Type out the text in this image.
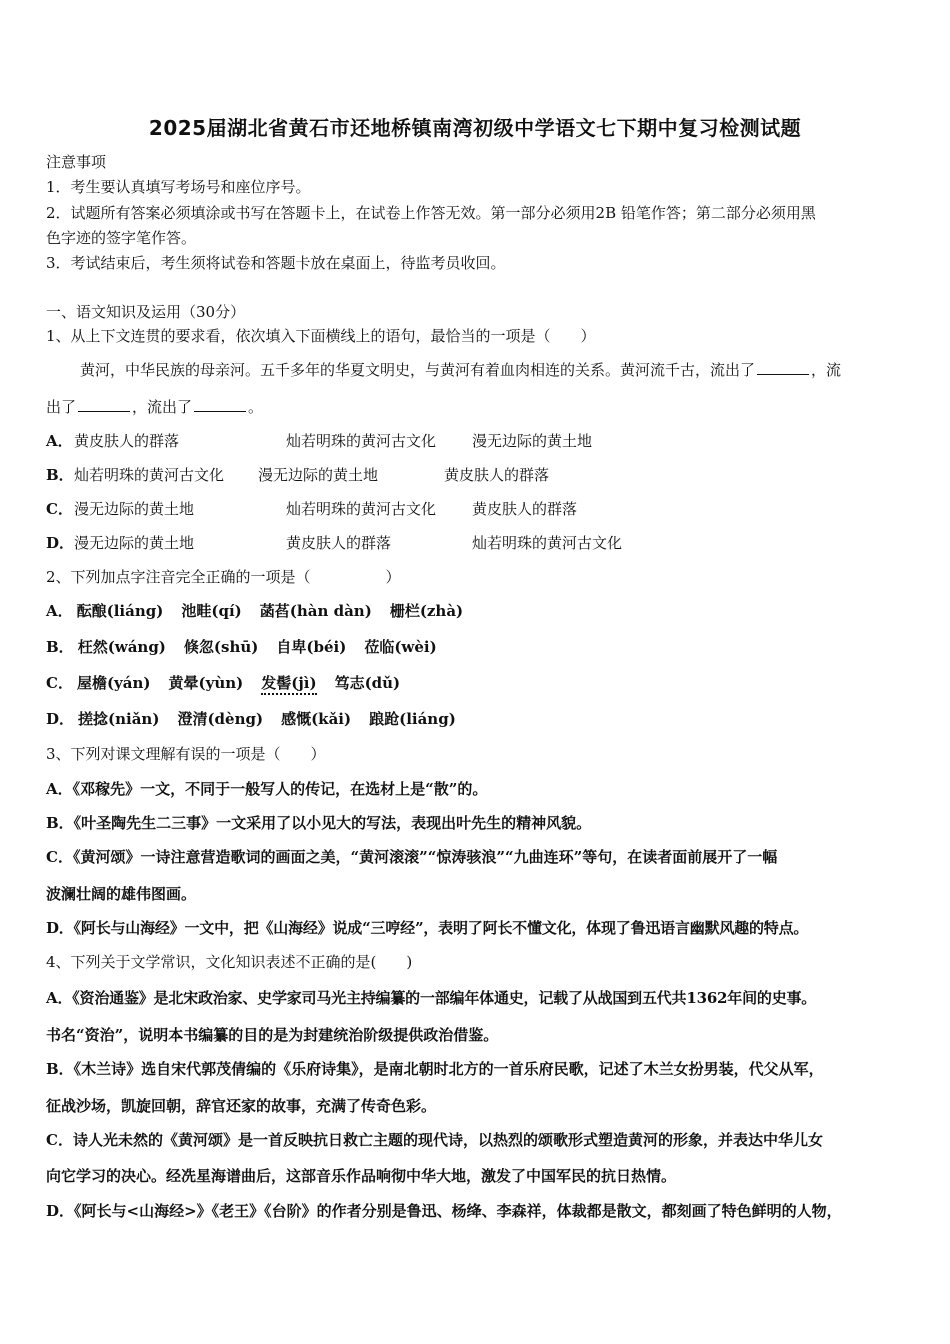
2025届湖北省黄石市还地桥镇南湾初级中学语文七下期中复习检测试题
注意事项
1．考生要认真填写考场号和座位序号。
2．试题所有答案必须填涂或书写在答题卡上，在试卷上作答无效。第一部分必须用2B 铅笔作答；第二部分必须用黑
色字迹的签字笔作答。
3．考试结束后，考生须将试卷和答题卡放在桌面上，待监考员收回。
一、语文知识及运用（30分）
1、从上下文连贯的要求看，依次填入下面横线上的语句，最恰当的一项是（　　）
黄河，中华民族的母亲河。五千多年的华夏文明史，与黄河有着血肉相连的关系。黄河流千古，流出了	，流
出了	，流出了	。
A． 黄皮肤人的群落	灿若明珠的黄河古文化	漫无边际的黄土地
B． 灿若明珠的黄河古文化	漫无边际的黄土地	黄皮肤人的群落
C． 漫无边际的黄土地	灿若明珠的黄河古文化	黄皮肤人的群落
D． 漫无边际的黄土地	黄皮肤人的群落	灿若明珠的黄河古文化
2、下列加点字注音完全正确的一项是（　　　　　）
A． 酝酿(liáng) 池畦(qí) 菡萏(hàn dàn) 栅栏(zhà)
B． 枉然(wáng) 倏忽(shū) 自卑(béi) 莅临(wèi)
C． 屋檐(yán) 黄晕(yùn) 发髻(jì) 笃志(dǔ)
D． 搓捻(niǎn) 澄清(dèng) 感慨(kǎi) 踉跄(liáng)
3、下列对课文理解有误的一项是（　　）
A．《邓稼先》一文，不同于一般写人的传记，在选材上是“散”的。
B．《叶圣陶先生二三事》一文采用了以小见大的写法，表现出叶先生的精神风貌。
C．《黄河颂》一诗注意营造歌词的画面之美，“黄河滚滚”“惊涛骇浪”“九曲连环”等句，在读者面前展开了一幅
波澜壮阔的雄伟图画。
D．《阿长与山海经》一文中，把《山海经》说成“三哼经”，表明了阿长不懂文化，体现了鲁迅语言幽默风趣的特点。
4、下列关于文学常识，文化知识表述不正确的是(　　)
A．《资治通鉴》是北宋政治家、史学家司马光主持编纂的一部编年体通史，记载了从战国到五代共1362年间的史事。
书名“资治”，说明本书编纂的目的是为封建统治阶级提供政治借鉴。
B．《木兰诗》选自宋代郭茂倩编的《乐府诗集》，是南北朝时北方的一首乐府民歌，记述了木兰女扮男装，代父从军，
征战沙场，凯旋回朝，辞官还家的故事，充满了传奇色彩。
C．诗人光未然的《黄河颂》是一首反映抗日救亡主题的现代诗，以热烈的颂歌形式塑造黄河的形象，并表达中华儿女
向它学习的决心。经冼星海谱曲后，这部音乐作品响彻中华大地，激发了中国军民的抗日热情。
D．《阿长与<山海经>》《老王》《台阶》的作者分别是鲁迅、杨绛、李森祥，体裁都是散文，都刻画了特色鲜明的人物，
